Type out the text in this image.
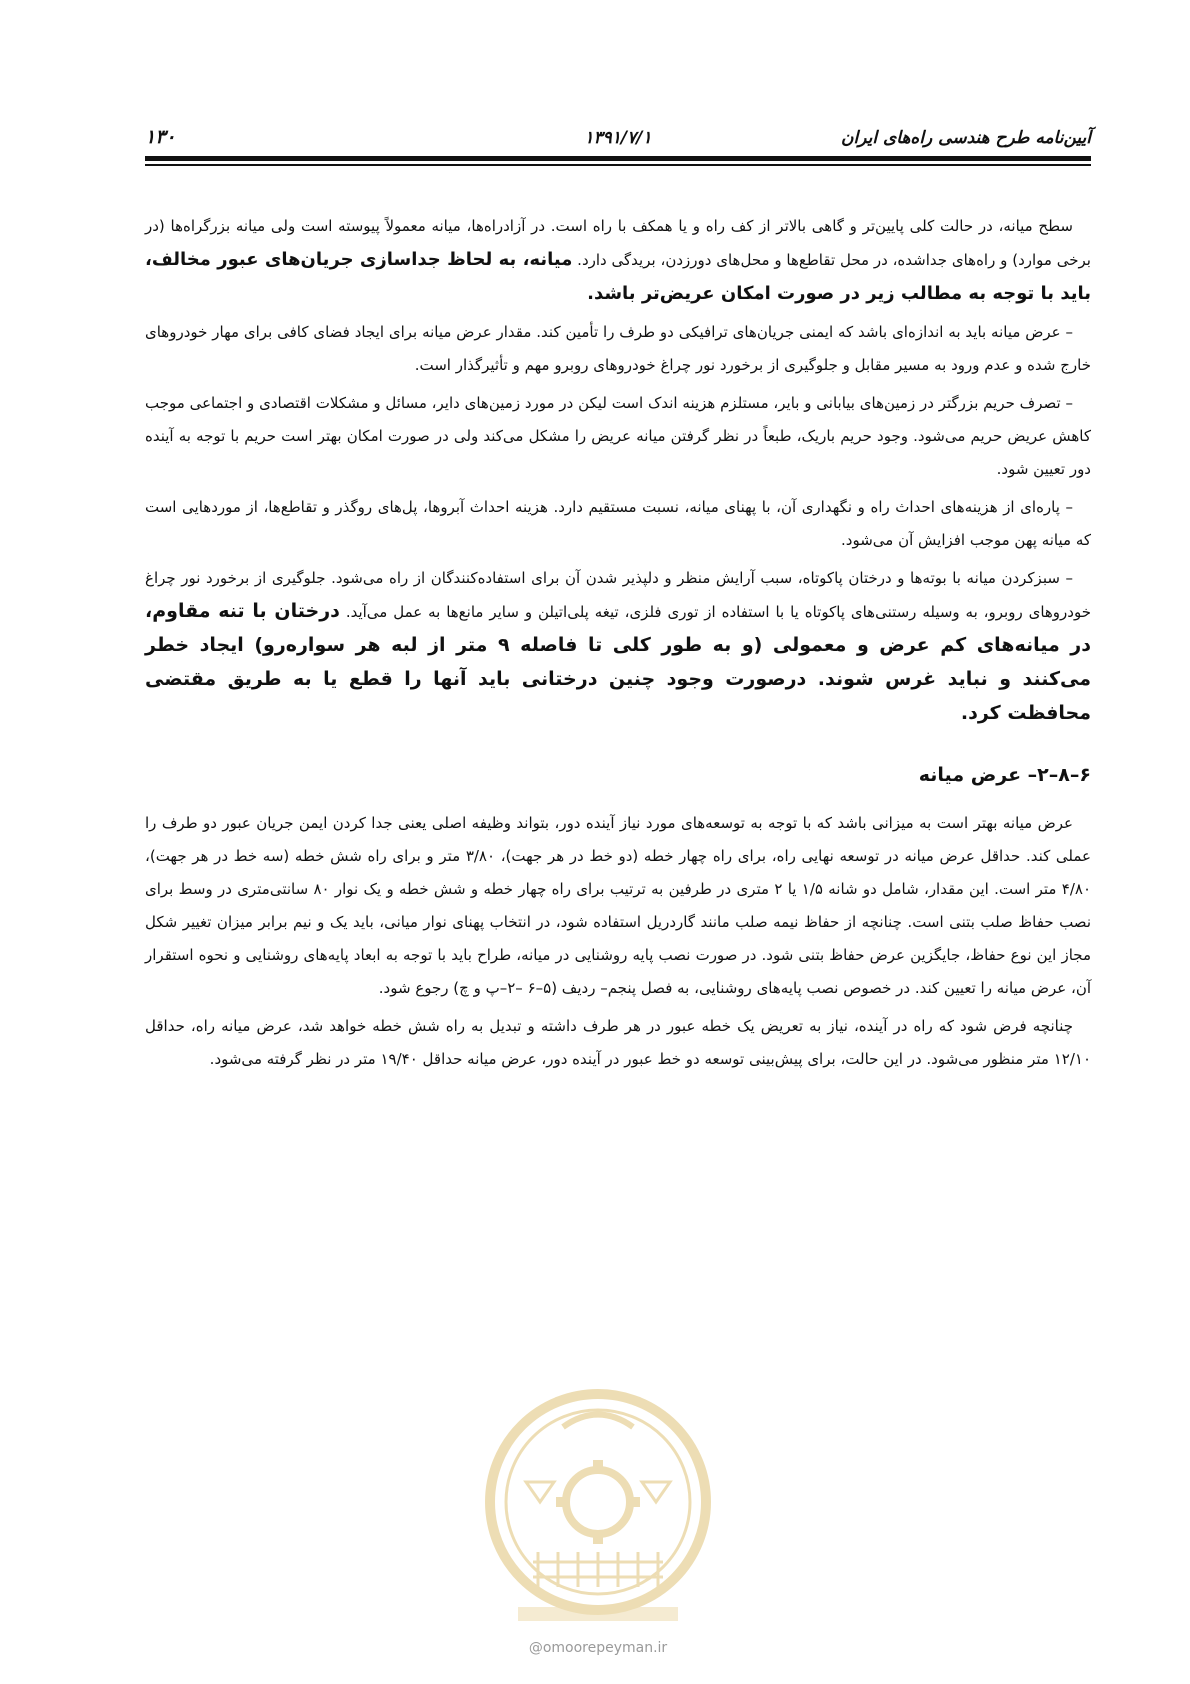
آیین‌نامه طرح هندسی راه‌های ایران
۱۳۹۱/۷/۱
۱۳۰

سطح میانه، در حالت کلی پایین‌تر و گاهی بالاتر از کف راه و یا همکف با راه است. در آزادراه‌ها، میانه معمولاً پیوسته است ولی میانه بزرگراه‌ها (در برخی موارد) و راه‌های جداشده، در محل تقاطع‌ها و محل‌های دورزدن، بریدگی دارد. میانه، به لحاظ جداسازی جریان‌های عبور مخالف، باید با توجه به مطالب زیر در صورت امکان عریض‌تر باشد.

– عرض میانه باید به اندازه‌ای باشد که ایمنی جریان‌های ترافیکی دو طرف را تأمین کند. مقدار عرض میانه برای ایجاد فضای کافی برای مهار خودروهای خارج شده و عدم ورود به مسیر مقابل و جلوگیری از برخورد نور چراغ خودروهای روبرو مهم و تأثیرگذار است.

– تصرف حریم بزرگتر در زمین‌های بیابانی و بایر، مستلزم هزینه اندک است لیکن در مورد زمین‌های دایر، مسائل و مشکلات اقتصادی و اجتماعی موجب کاهش عریض حریم می‌شود. وجود حریم باریک، طبعاً در نظر گرفتن میانه عریض را مشکل می‌کند ولی در صورت امکان بهتر است حریم با توجه به آینده دور تعیین شود.

– پاره‌ای از هزینه‌های احداث راه و نگهداری آن، با پهنای میانه، نسبت مستقیم دارد. هزینه احداث آبروها، پل‌های روگذر و تقاطع‌ها، از موردهایی است که میانه پهن موجب افزایش آن می‌شود.

– سبزکردن میانه با بوته‌ها و درختان پاکوتاه، سبب آرایش منظر و دلپذیر شدن آن برای استفاده‌کنندگان از راه می‌شود. جلوگیری از برخورد نور چراغ خودروهای روبرو، به وسیله رستنی‌های پاکوتاه یا با استفاده از توری فلزی، تیغه پلی‌اتیلن و سایر مانع‌ها به عمل می‌آید. درختان با تنه مقاوم، در میانه‌های کم عرض و معمولی (و به طور کلی تا فاصله ۹ متر از لبه هر سواره‌رو) ایجاد خطر می‌کنند و نباید غرس شوند. درصورت وجود چنین درختانی باید آنها را قطع یا به طریق مقتضی محافظت کرد.

۶–۸–۲– عرض میانه

عرض میانه بهتر است به میزانی باشد که با توجه به توسعه‌های مورد نیاز آینده دور، بتواند وظیفه اصلی یعنی جدا کردن ایمن جریان عبور دو طرف را عملی کند. حداقل عرض میانه در توسعه نهایی راه، برای راه چهار خطه (دو خط در هر جهت)، ۳/۸۰ متر و برای راه شش خطه (سه خط در هر جهت)، ۴/۸۰ متر است. این مقدار، شامل دو شانه ۱/۵ یا ۲ متری در طرفین به ترتیب برای راه چهار خطه و شش خطه و یک نوار ۸۰ سانتی‌متری در وسط برای نصب حفاظ صلب بتنی است. چنانچه از حفاظ نیمه صلب مانند گاردریل استفاده شود، در انتخاب پهنای نوار میانی، باید یک و نیم برابر میزان تغییر شکل مجاز این نوع حفاظ، جایگزین عرض حفاظ بتنی شود. در صورت نصب پایه روشنایی در میانه، طراح باید با توجه به ابعاد پایه‌های روشنایی و نحوه استقرار آن، عرض میانه را تعیین کند. در خصوص نصب پایه‌های روشنایی، به فصل پنجم– ردیف (۵–۶ –۲–پ و چ) رجوع شود.

چنانچه فرض شود که راه در آینده، نیاز به تعریض یک خطه عبور در هر طرف داشته و تبدیل به راه شش خطه خواهد شد، عرض میانه راه، حداقل ۱۲/۱۰ متر منظور می‌شود. در این حالت، برای پیش‌بینی توسعه دو خط عبور در آینده دور، عرض میانه حداقل ۱۹/۴۰ متر در نظر گرفته می‌شود.

@omoorepeyman.ir
